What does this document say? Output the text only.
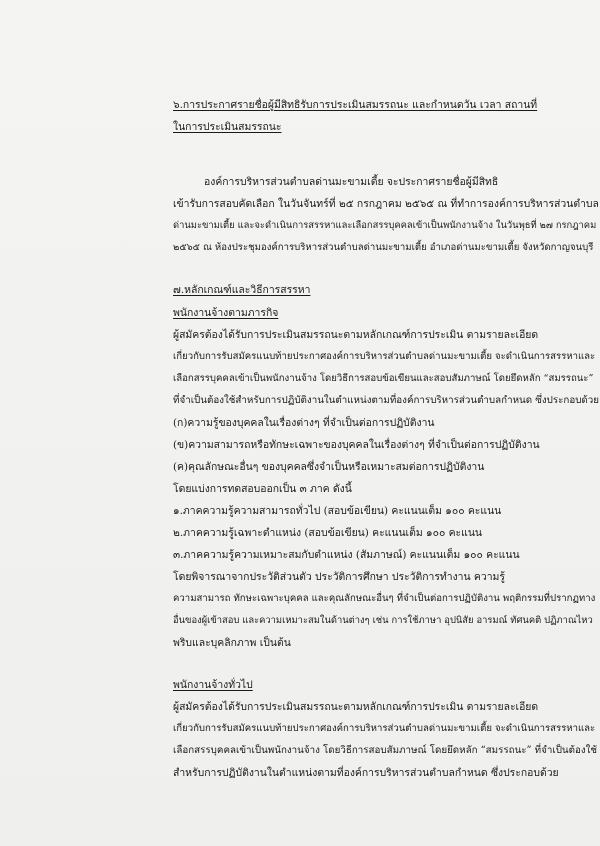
๖.การประกาศรายชื่อผู้มีสิทธิรับการประเมินสมรรถนะ และกำหนดวัน เวลา สถานที่
ในการประเมินสมรรถนะ
องค์การบริหารส่วนตำบลด่านมะขามเตี้ย จะประกาศรายชื่อผู้มีสิทธิ
เข้ารับการสอบคัดเลือก ในวันจันทร์ที่ ๒๕ กรกฎาคม ๒๕๖๕ ณ ที่ทำการองค์การบริหารส่วนตำบล
ด่านมะขามเตี้ย และจะดำเนินการสรรหาและเลือกสรรบุคคลเข้าเป็นพนักงานจ้าง ในวันพุธที่ ๒๗ กรกฎาคม
๒๕๖๕ ณ ห้องประชุมองค์การบริหารส่วนตำบลด่านมะขามเตี้ย อำเภอด่านมะขามเตี้ย จังหวัดกาญจนบุรี
๗.หลักเกณฑ์และวิธีการสรรหา
พนักงานจ้างตามภารกิจ
ผู้สมัครต้องได้รับการประเมินสมรรถนะตามหลักเกณฑ์การประเมิน ตามรายละเอียด
เกี่ยวกับการรับสมัครแนบท้ายประกาศองค์การบริหารส่วนตำบลด่านมะขามเตี้ย จะดำเนินการสรรหาและ
เลือกสรรบุคคลเข้าเป็นพนักงานจ้าง โดยวิธีการสอบข้อเขียนและสอบสัมภาษณ์ โดยยึดหลัก “สมรรถนะ”
ที่จำเป็นต้องใช้สำหรับการปฏิบัติงานในตำแหน่งตามที่องค์การบริหารส่วนตำบลกำหนด ซึ่งประกอบด้วย
(ก)ความรู้ของบุคคลในเรื่องต่างๆ ที่จำเป็นต่อการปฏิบัติงาน
(ข)ความสามารถหรือทักษะเฉพาะของบุคคลในเรื่องต่างๆ ที่จำเป็นต่อการปฏิบัติงาน
(ค)คุณลักษณะอื่นๆ ของบุคคลซึ่งจำเป็นหรือเหมาะสมต่อการปฏิบัติงาน
โดยแบ่งการทดสอบออกเป็น ๓ ภาค ดังนี้
๑.ภาคความรู้ความสามารถทั่วไป (สอบข้อเขียน) คะแนนเต็ม ๑๐๐ คะแนน
๒.ภาคความรู้เฉพาะตำแหน่ง (สอบข้อเขียน) คะแนนเต็ม ๑๐๐ คะแนน
๓.ภาคความรู้ความเหมาะสมกับตำแหน่ง (สัมภาษณ์) คะแนนเต็ม ๑๐๐ คะแนน
โดยพิจารณาจากประวัติส่วนตัว ประวัติการศึกษา ประวัติการทำงาน ความรู้
ความสามารถ ทักษะเฉพาะบุคคล และคุณลักษณะอื่นๆ ที่จำเป็นต่อการปฏิบัติงาน พฤติกรรมที่ปรากฏทาง
อื่นของผู้เข้าสอบ และความเหมาะสมในด้านต่างๆ เช่น การใช้ภาษา อุปนิสัย อารมณ์ ทัศนคติ ปฏิภาณไหว
พริบและบุคลิกภาพ เป็นต้น
พนักงานจ้างทั่วไป
ผู้สมัครต้องได้รับการประเมินสมรรถนะตามหลักเกณฑ์การประเมิน ตามรายละเอียด
เกี่ยวกับการรับสมัครแนบท้ายประกาศองค์การบริหารส่วนตำบลด่านมะขามเตี้ย จะดำเนินการสรรหาและ
เลือกสรรบุคคลเข้าเป็นพนักงานจ้าง โดยวิธีการสอบสัมภาษณ์ โดยยึดหลัก “สมรรถนะ” ที่จำเป็นต้องใช้
สำหรับการปฏิบัติงานในตำแหน่งตามที่องค์การบริหารส่วนตำบลกำหนด ซึ่งประกอบด้วย
